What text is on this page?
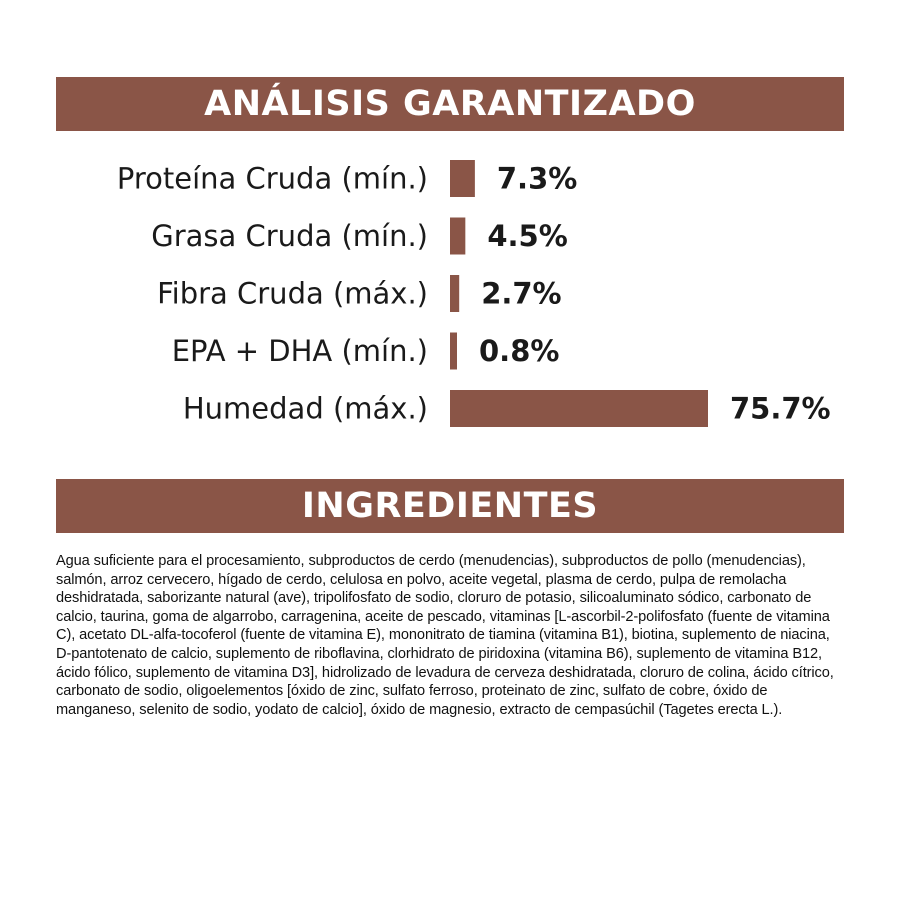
ANÁLISIS GARANTIZADO
Proteína Cruda (mín.) 7.3%
Grasa Cruda (mín.) 4.5%
Fibra Cruda (máx.) 2.7%
EPA + DHA (mín.) 0.8%
Humedad (máx.)	75.7%
INGREDIENTES

Agua suficiente para el procesamiento, subproductos de cerdo (menudencias), subproductos de pollo (menudencias), salmón, arroz cervecero, hígado de cerdo, celulosa en polvo, aceite vegetal, plasma de cerdo, pulpa de remolacha deshidratada, saborizante natural (ave), tripolifosfato de sodio, cloruro de potasio, silicoaluminato sódico, carbonato de calcio, taurina, goma de algarrobo, carragenina, aceite de pescado, vitaminas [L-ascorbil-2-polifosfato (fuente de vitamina C), acetato DL-alfa-tocoferol (fuente de vitamina E), mononitrato de tiamina (vitamina B1), biotina, suplemento de niacina, D-pantotenato de calcio, suplemento de riboflavina, clorhidrato de piridoxina (vitamina B6), suplemento de vitamina B12, ácido fólico, suplemento de vitamina D3], hidrolizado de levadura de cerveza deshidratada, cloruro de colina, ácido cítrico, carbonato de sodio, oligoelementos [óxido de zinc, sulfato ferroso, proteinato de zinc, sulfato de cobre, óxido de manganeso, selenito de sodio, yodato de calcio], óxido de magnesio, extracto de cempasúchil (Tagetes erecta L.).
